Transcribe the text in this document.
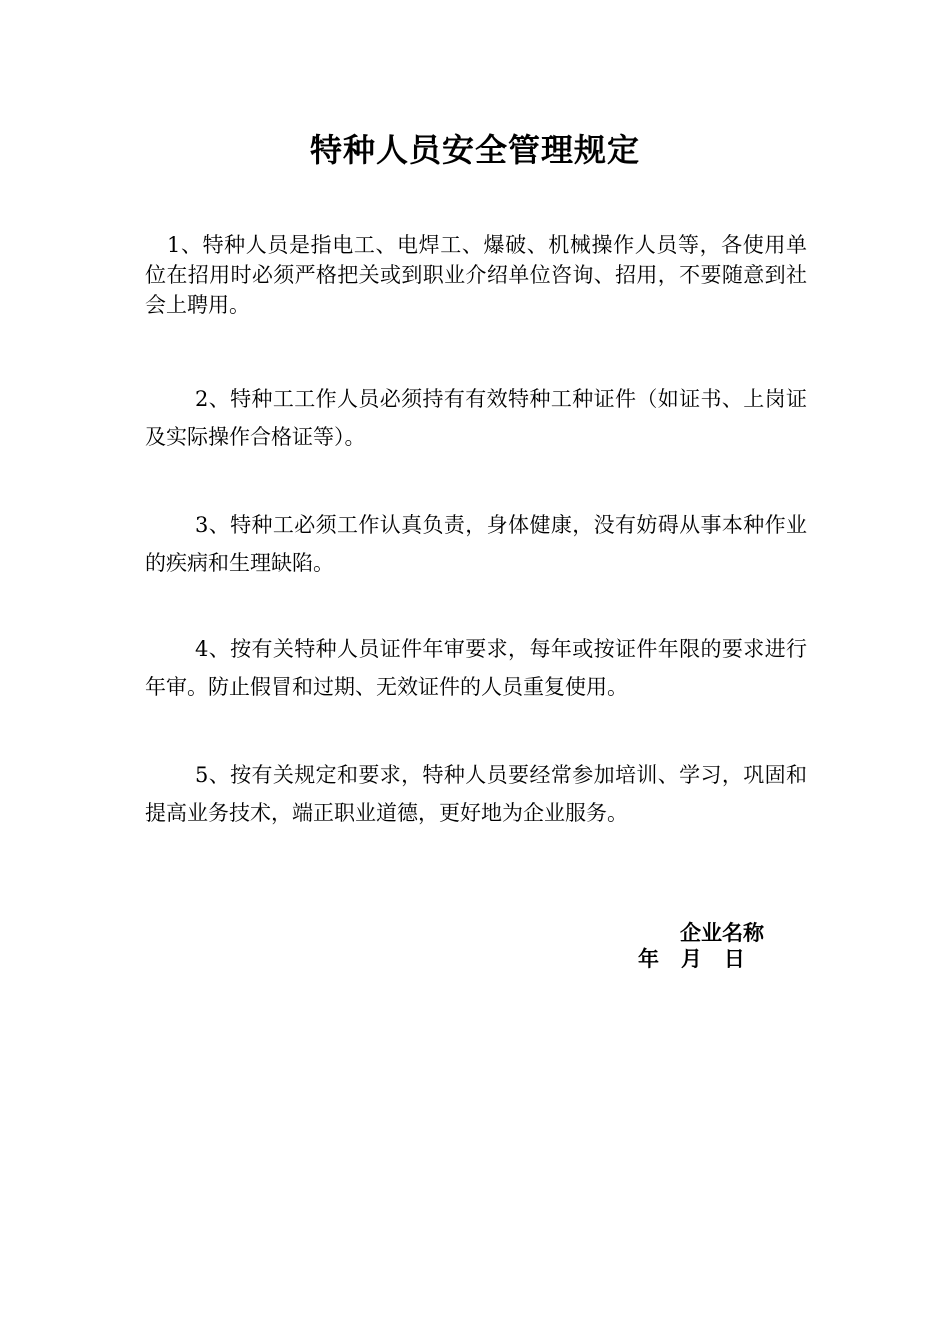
特种人员安全管理规定

1、特种人员是指电工、电焊工、爆破、机械操作人员等，各使用单位在招用时必须严格把关或到职业介绍单位咨询、招用，不要随意到社会上聘用。

2、特种工工作人员必须持有有效特种工种证件（如证书、上岗证及实际操作合格证等）。

3、特种工必须工作认真负责，身体健康，没有妨碍从事本种作业的疾病和生理缺陷。

4、按有关特种人员证件年审要求，每年或按证件年限的要求进行年审。防止假冒和过期、无效证件的人员重复使用。

5、按有关规定和要求，特种人员要经常参加培训、学习，巩固和提高业务技术，端正职业道德，更好地为企业服务。

企业名称
年   月   日
